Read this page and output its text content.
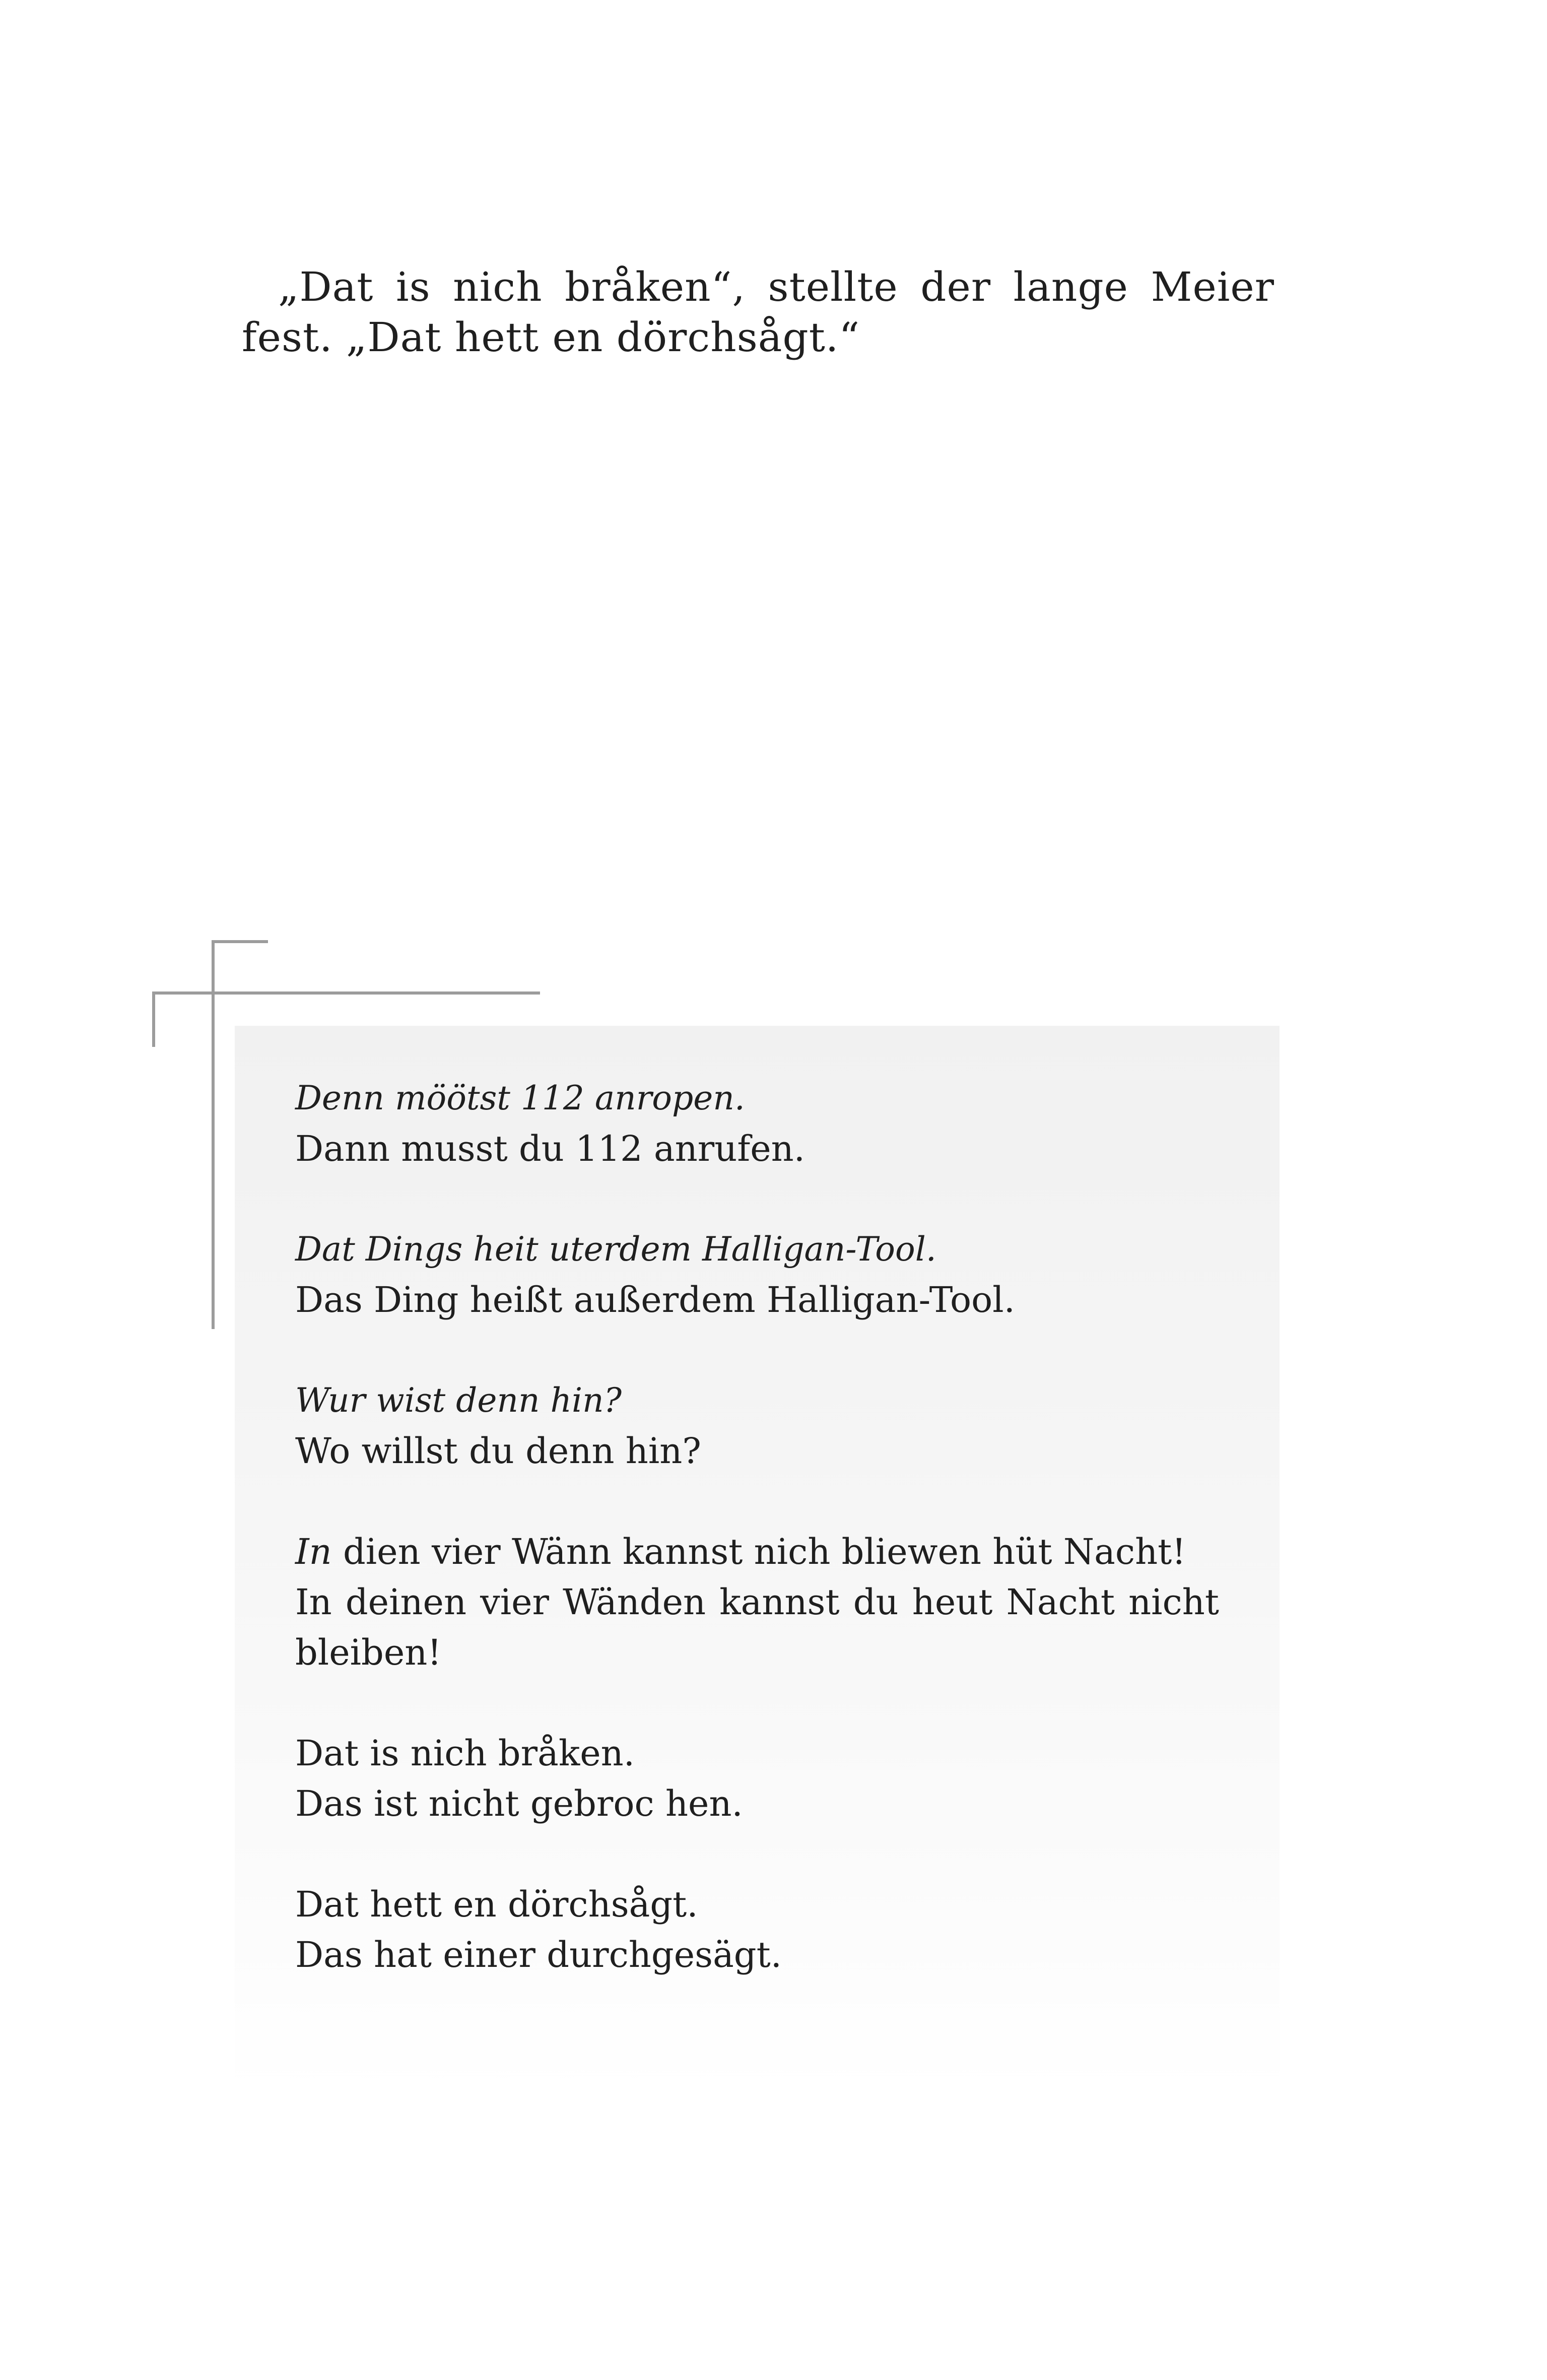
„Dat is nich bråken“, stellte der lange Meier fest. „Dat hett en dörchsågt.“

Denn möötst 112 anropen.
Dann musst du 112 anrufen.
Dat Dings heit uterdem Halligan-Tool.
Das Ding heißt außerdem Halligan-Tool.
Wur wist denn hin?
Wo willst du denn hin?
In dien vier Wänn kannst nich bliewen hüt Nacht!
In deinen vier Wänden kannst du heut Nacht nicht bleiben!
Dat is nich bråken.
Das ist nicht gebroc hen.
Dat hett en dörchsågt.
Das hat einer durchgesägt.
